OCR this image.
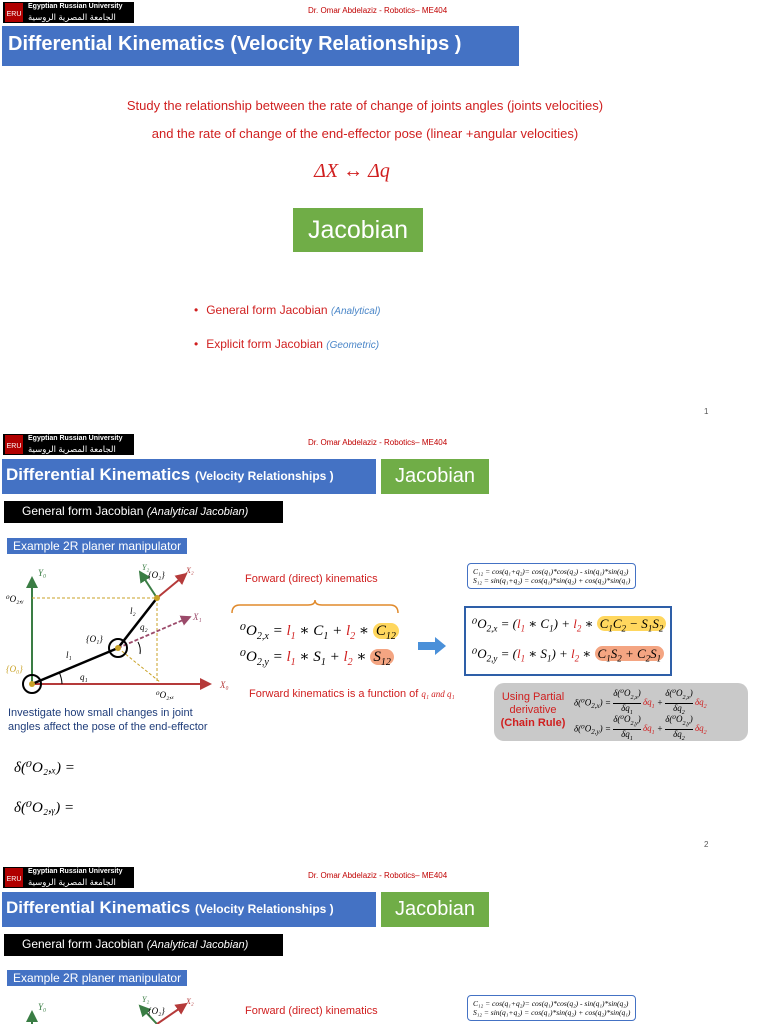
ERU
Egyptian Russian University
الجامعة المصرية الروسية
Dr. Omar Abdelaziz - Robotics– ME404
Differential Kinematics (Velocity Relationships )
Study the relationship between the rate of change of joints angles (joints velocities)
and the rate of change of the end-effector pose (linear +angular velocities)
ΔX ↔ Δq
Jacobian
• General form Jacobian (Analytical)
• Explicit form Jacobian (Geometric)
1
ERU
Egyptian Russian University
الجامعة المصرية الروسية
Dr. Omar Abdelaziz - Robotics– ME404
Differential Kinematics (Velocity Relationships )	Jacobian
General form Jacobian (Analytical Jacobian)
Example 2R planer manipulator
Y₀
X₀
⁰O₂,ᵧ
⁰O₂,ₓ
{O₀}
{O₁}
{O₂}	X₂
Y₂
X₁
l₁
l₂
q₁
q₂
Investigate how small changes in joint
angles affect the pose of the end-effector
Forward (direct) kinematics
$^0O_{2,x} = l_1$ ∗ $C_1 + l_2$ ∗ $C_{12}$
$^0O_{2,y} = l_1$ ∗ $S_1 + l_2$ ∗ $S_{12}$
C₁₂ = cos(q₁+q₂)= cos(q₁)*cos(q₂) - sin(q₁)*sin(q₂)
S₁₂ = sin(q₁+q₂) = cos(q₁)*sin(q₂) + cos(q₂)*sin(q₁)
$^0O_{2,x} = (l_1$ ∗ $C_1) + l_2$ ∗ $C_1C_2 - S_1S_2$
$^0O_{2,y} = (l_1$ ∗ $S_1) + l_2$ ∗ $C_1S_2 + C_2S_1$
Forward kinematics is a function of q₁ and q₁	Using Partial
derivative
(Chain Rule)
$\delta(^0O_{2,x})$ =
$\delta(^0O_{2,x})$
$\delta q_1$ $\delta q_1$ +
$\delta(^0O_{2,x})$
$\delta q_2$ $\delta q_2$
$\delta(^0O_{2,y})$ =
$\delta(^0O_{2,y})$
$\delta q_1$ $\delta q_1$ +
$\delta(^0O_{2,y})$
$\delta q_2$ $\delta q_2$
δ(⁰O₂,ₓ) =
δ(⁰O₂,ᵧ) =
2
ERU
Egyptian Russian University
الجامعة المصرية الروسية
Dr. Omar Abdelaziz - Robotics– ME404
Differential Kinematics (Velocity Relationships )	Jacobian
General form Jacobian (Analytical Jacobian)
Example 2R planer manipulator
Y₀	{O₂}
X₂
Y₂
Forward (direct) kinematics
C₁₂ = cos(q₁+q₂)= cos(q₁)*cos(q₂) - sin(q₁)*sin(q₂)
S₁₂ = sin(q₁+q₂) = cos(q₁)*sin(q₂) + cos(q₂)*sin(q₁)
